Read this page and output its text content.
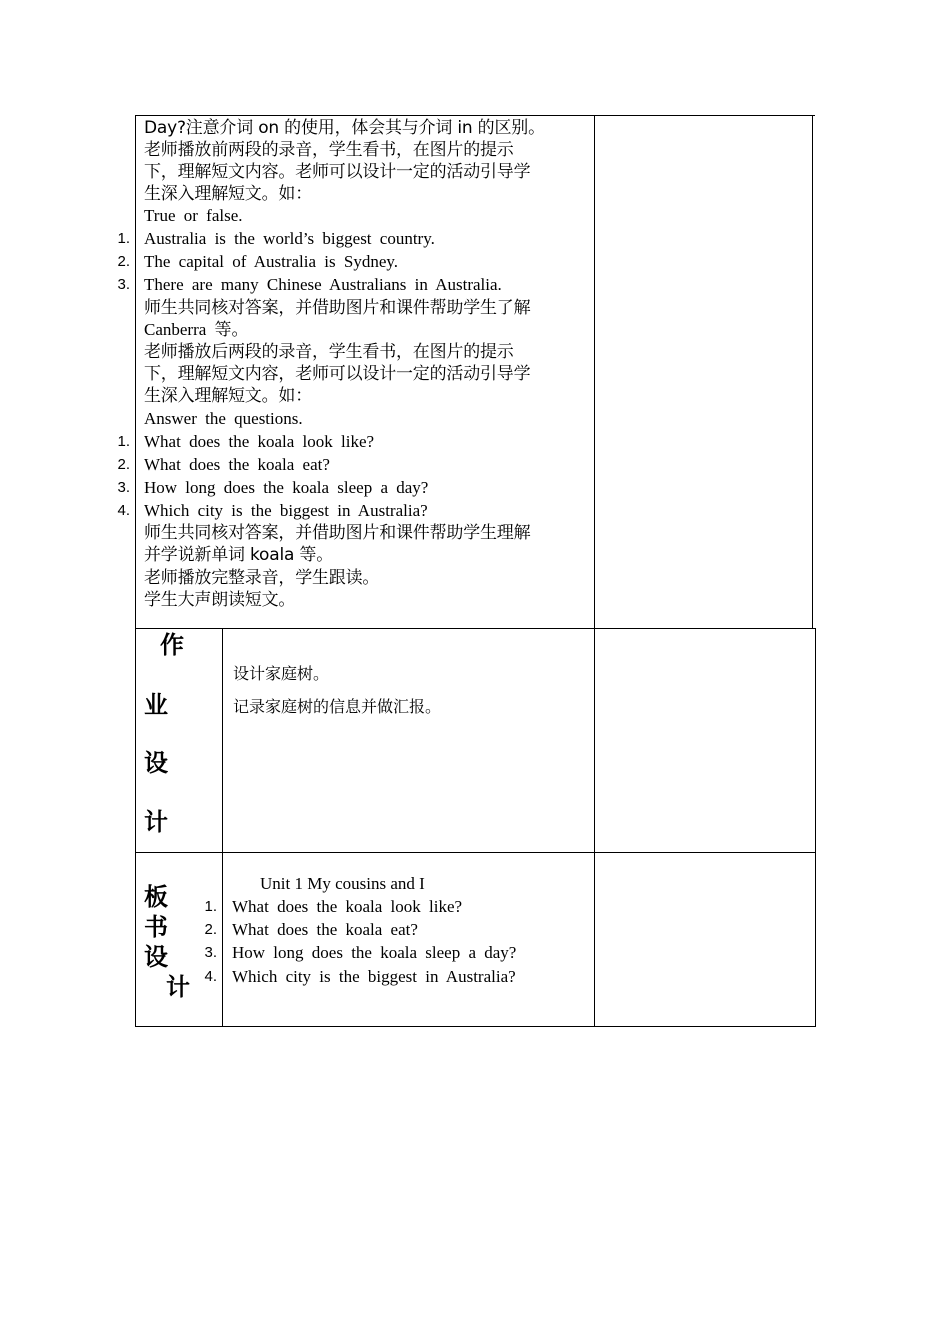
Day?注意介词 on 的使用，体会其与介词 in 的区别。
老师播放前两段的录音，学生看书，在图片的提示
下，理解短文内容。老师可以设计一定的活动引导学
生深入理解短文。如：
True or false.
1. Australia is the world’s biggest country.
2. The capital of Australia is Sydney.
3. There are many Chinese Australians in Australia.
师生共同核对答案，并借助图片和课件帮助学生了解
Canberra 等。
老师播放后两段的录音，学生看书，在图片的提示
下，理解短文内容，老师可以设计一定的活动引导学
生深入理解短文。如：
Answer the questions.
1. What does the koala look like?
2. What does the koala eat?
3. How long does the koala sleep a day?
4. Which city is the biggest in Australia?
师生共同核对答案，并借助图片和课件帮助学生理解
并学说新单词 koala 等。
老师播放完整录音，学生跟读。
学生大声朗读短文。
作
业
设
计
设计家庭树。
记录家庭树的信息并做汇报。
板
书
设
计
Unit 1 My cousins and I
1. What does the koala look like?
2. What does the koala eat?
3. How long does the koala sleep a day?
4. Which city is the biggest in Australia?
